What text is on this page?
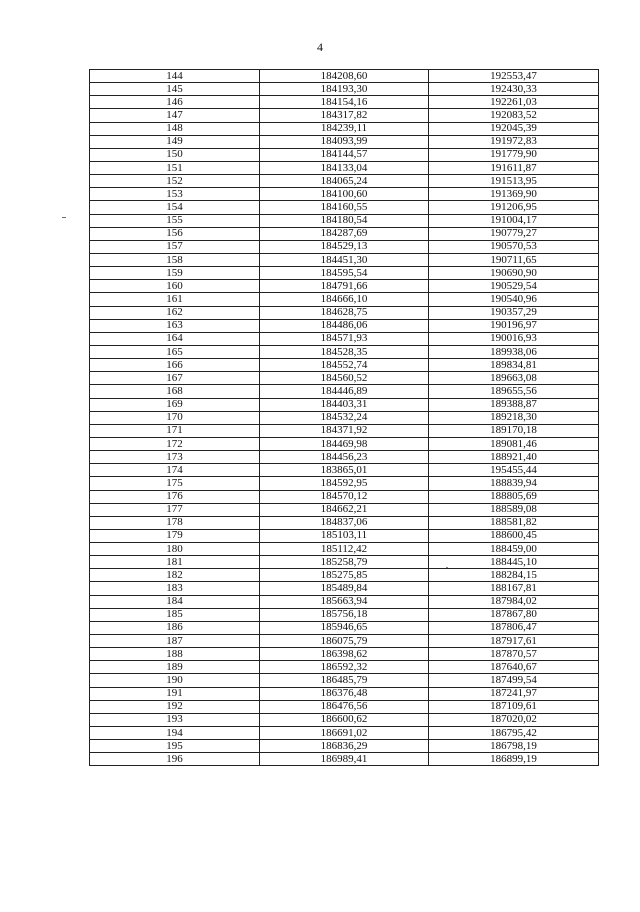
4
144	184208,60	192553,47
145	184193,30	192430,33
146	184154,16	192261,03
147	184317,82	192083,52
148	184239,11	192045,39
149	184093,99	191972,83
150	184144,57	191779,90
151	184133,04	191611,87
152	184065,24	191513,95
153	184100,60	191369,90
154	184160,55	191206,95
155	184180,54	191004,17
156	184287,69	190779,27
157	184529,13	190570,53
158	184451,30	190711,65
159	184595,54	190690,90
160	184791,66	190529,54
161	184666,10	190540,96
162	184628,75	190357,29
163	184486,06	190196,97
164	184571,93	190016,93
165	184528,35	189938,06
166	184552,74	189834,81
167	184560,52	189663,08
168	184446,89	189655,56
169	184403,31	189388,87
170	184532,24	189218,30
171	184371,92	189170,18
172	184469,98	189081,46
173	184456,23	188921,40
174	183865,01	195455,44
175	184592,95	188839,94
176	184570,12	188805,69
177	184662,21	188589,08
178	184837,06	188581,82
179	185103,11	188600,45
180	185112,42	188459,00
181	185258,79	188445,10
182	185275,85	188284,15
183	185489,84	188167,81
184	185663,94	187984,02
185	185756,18	187867,80
186	185946,65	187806,47
187	186075,79	187917,61
188	186398,62	187870,57
189	186592,32	187640,67
190	186485,79	187499,54
191	186376,48	187241,97
192	186476,56	187109,61
193	186600,62	187020,02
194	186691,02	186795,42
195	186836,29	186798,19
196	186989,41	186899,19
